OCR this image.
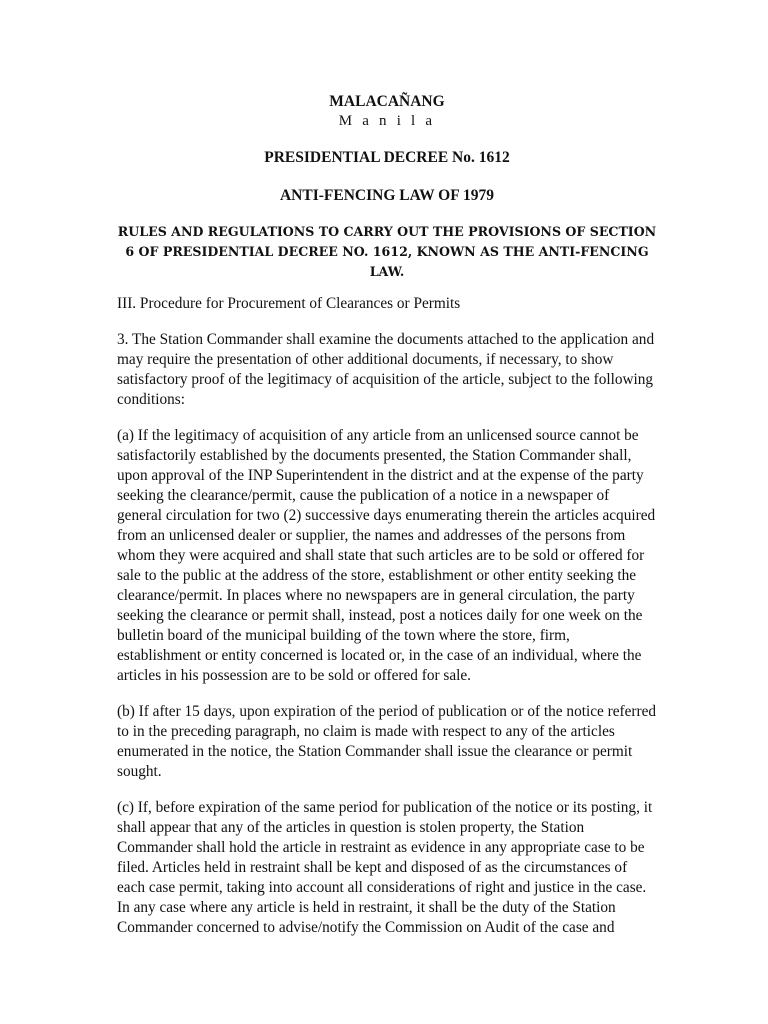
MALACAÑANG
M a n i l a
PRESIDENTIAL DECREE No. 1612
ANTI-FENCING LAW OF 1979
RULES AND REGULATIONS TO CARRY OUT THE PROVISIONS OF SECTION 6 OF PRESIDENTIAL DECREE NO. 1612, KNOWN AS THE ANTI-FENCING LAW.
III. Procedure for Procurement of Clearances or Permits

3. The Station Commander shall examine the documents attached to the application and may require the presentation of other additional documents, if necessary, to show satisfactory proof of the legitimacy of acquisition of the article, subject to the following conditions:

(a) If the legitimacy of acquisition of any article from an unlicensed source cannot be satisfactorily established by the documents presented, the Station Commander shall, upon approval of the INP Superintendent in the district and at the expense of the party seeking the clearance/permit, cause the publication of a notice in a newspaper of general circulation for two (2) successive days enumerating therein the articles acquired from an unlicensed dealer or supplier, the names and addresses of the persons from whom they were acquired and shall state that such articles are to be sold or offered for sale to the public at the address of the store, establishment or other entity seeking the clearance/permit. In places where no newspapers are in general circulation, the party seeking the clearance or permit shall, instead, post a notices daily for one week on the bulletin board of the municipal building of the town where the store, firm, establishment or entity concerned is located or, in the case of an individual, where the articles in his possession are to be sold or offered for sale.

(b) If after 15 days, upon expiration of the period of publication or of the notice referred to in the preceding paragraph, no claim is made with respect to any of the articles enumerated in the notice, the Station Commander shall issue the clearance or permit sought.

(c) If, before expiration of the same period for publication of the notice or its posting, it shall appear that any of the articles in question is stolen property, the Station Commander shall hold the article in restraint as evidence in any appropriate case to be filed. Articles held in restraint shall be kept and disposed of as the circumstances of each case permit, taking into account all considerations of right and justice in the case. In any case where any article is held in restraint, it shall be the duty of the Station Commander concerned to advise/notify the Commission on Audit of the case and
